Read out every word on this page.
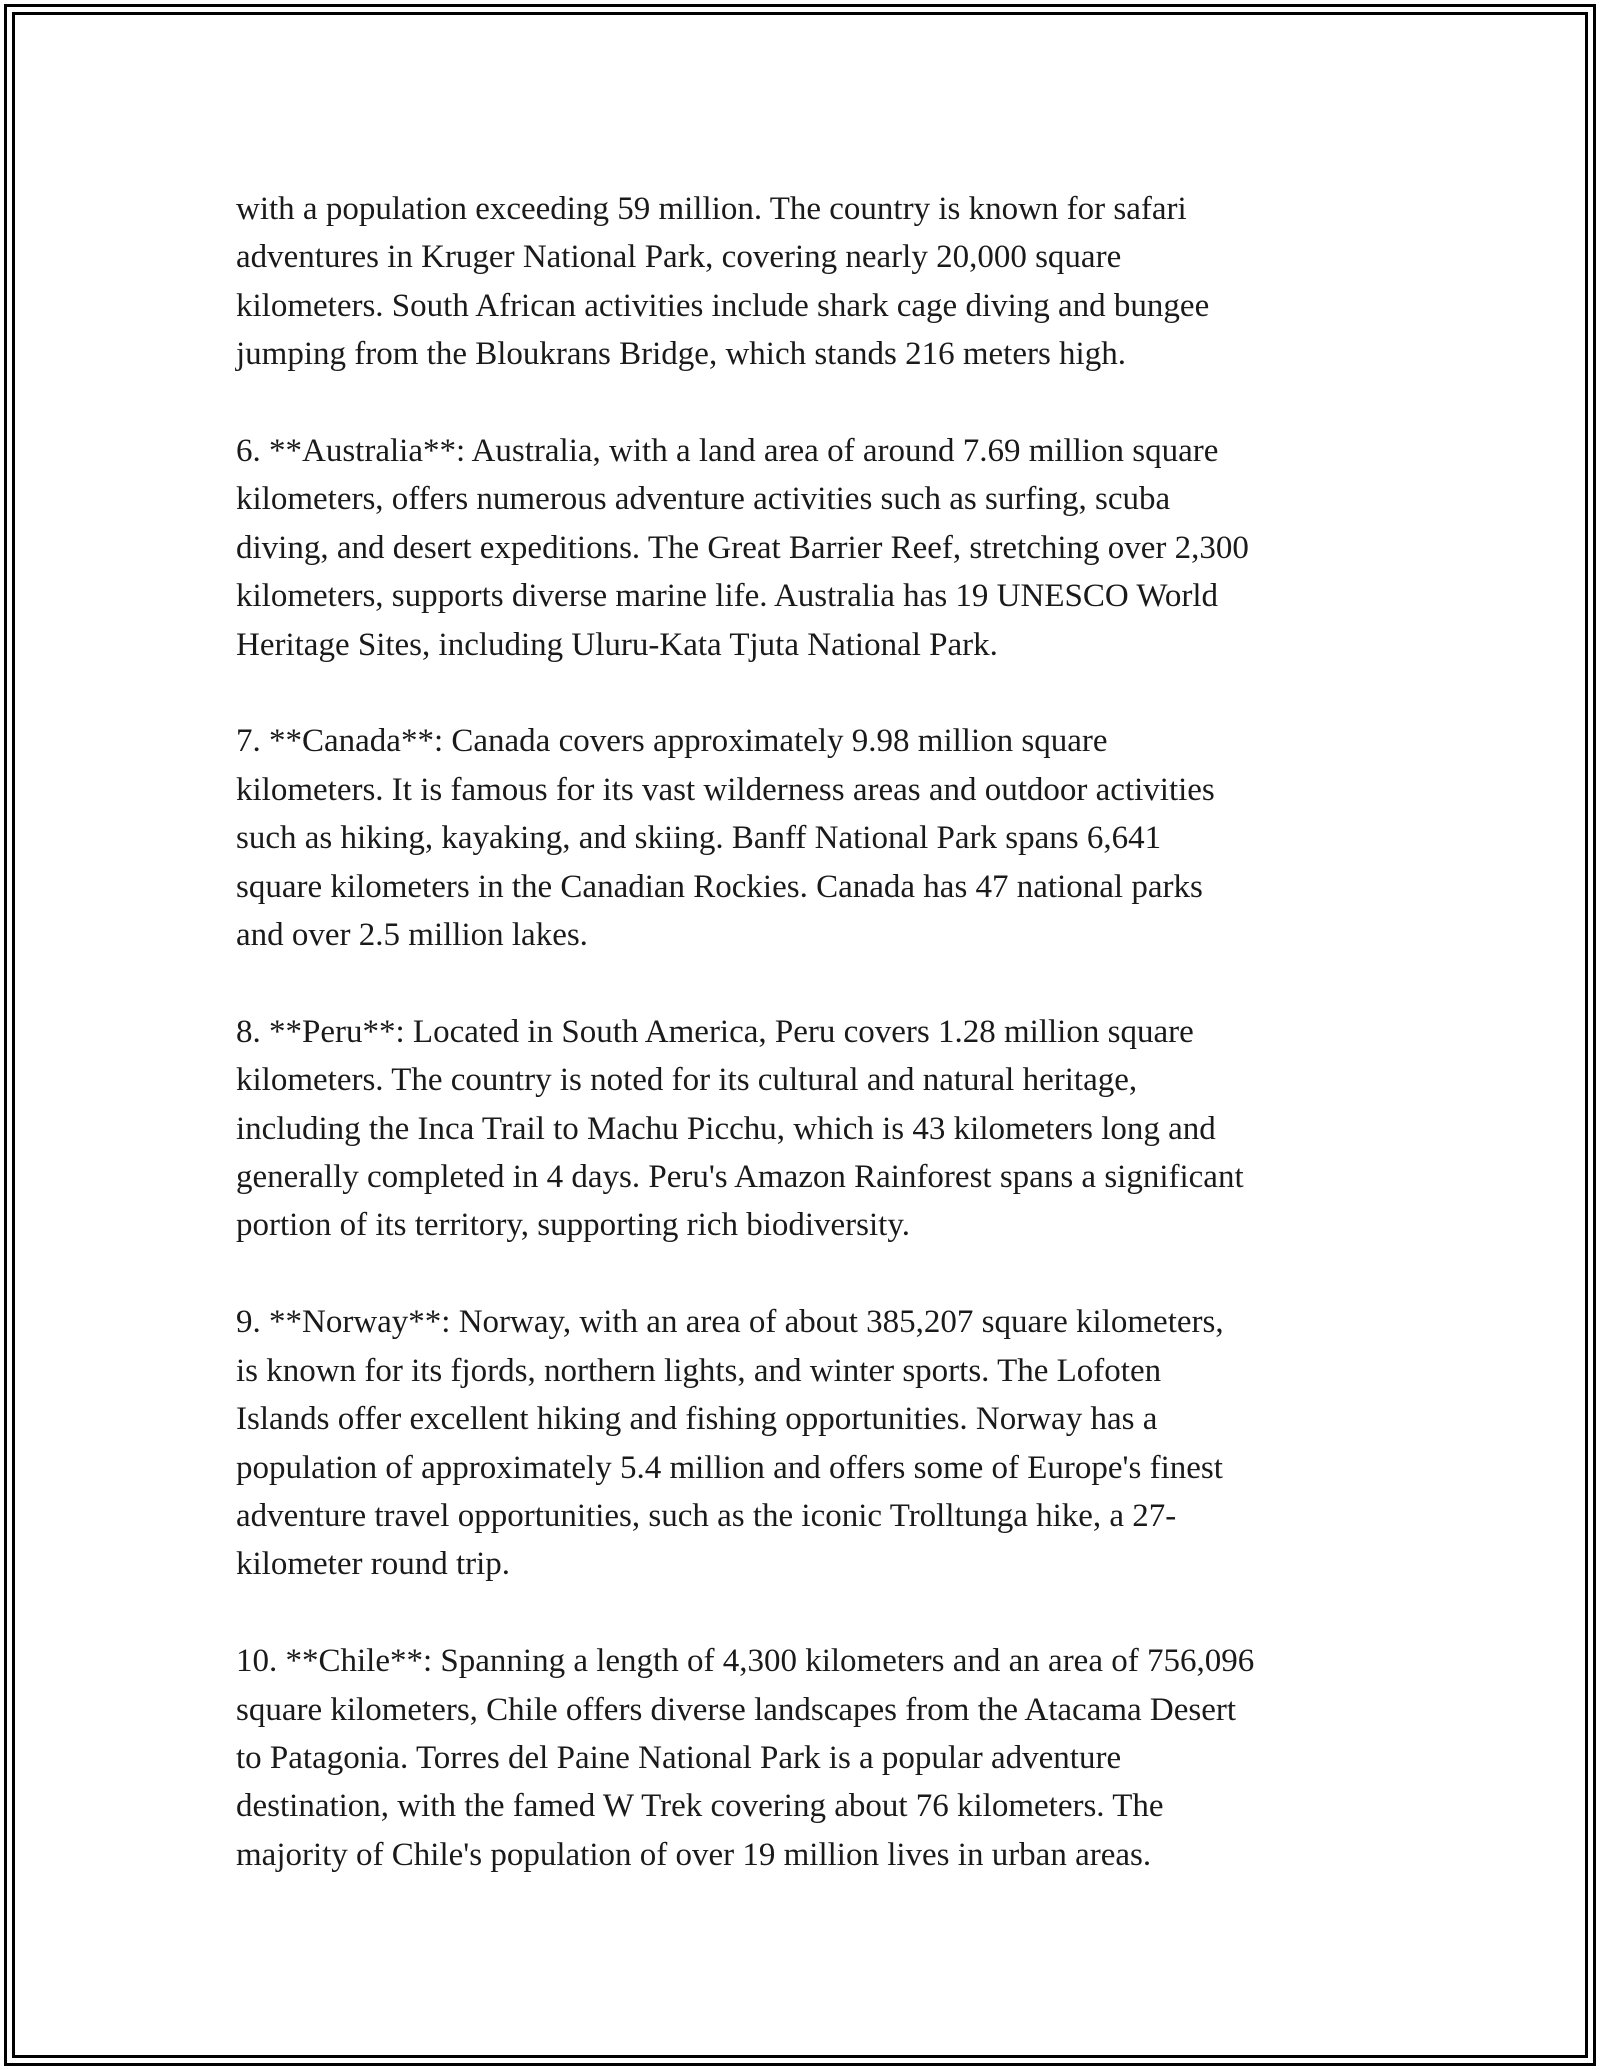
with a population exceeding 59 million. The country is known for safari
adventures in Kruger National Park, covering nearly 20,000 square
kilometers. South African activities include shark cage diving and bungee
jumping from the Bloukrans Bridge, which stands 216 meters high.

6. **Australia**: Australia, with a land area of around 7.69 million square
kilometers, offers numerous adventure activities such as surfing, scuba
diving, and desert expeditions. The Great Barrier Reef, stretching over 2,300
kilometers, supports diverse marine life. Australia has 19 UNESCO World
Heritage Sites, including Uluru-Kata Tjuta National Park.

7. **Canada**: Canada covers approximately 9.98 million square
kilometers. It is famous for its vast wilderness areas and outdoor activities
such as hiking, kayaking, and skiing. Banff National Park spans 6,641
square kilometers in the Canadian Rockies. Canada has 47 national parks
and over 2.5 million lakes.

8. **Peru**: Located in South America, Peru covers 1.28 million square
kilometers. The country is noted for its cultural and natural heritage,
including the Inca Trail to Machu Picchu, which is 43 kilometers long and
generally completed in 4 days. Peru's Amazon Rainforest spans a significant
portion of its territory, supporting rich biodiversity.

9. **Norway**: Norway, with an area of about 385,207 square kilometers,
is known for its fjords, northern lights, and winter sports. The Lofoten
Islands offer excellent hiking and fishing opportunities. Norway has a
population of approximately 5.4 million and offers some of Europe's finest
adventure travel opportunities, such as the iconic Trolltunga hike, a 27-
kilometer round trip.

10. **Chile**: Spanning a length of 4,300 kilometers and an area of 756,096
square kilometers, Chile offers diverse landscapes from the Atacama Desert
to Patagonia. Torres del Paine National Park is a popular adventure
destination, with the famed W Trek covering about 76 kilometers. The
majority of Chile's population of over 19 million lives in urban areas.
